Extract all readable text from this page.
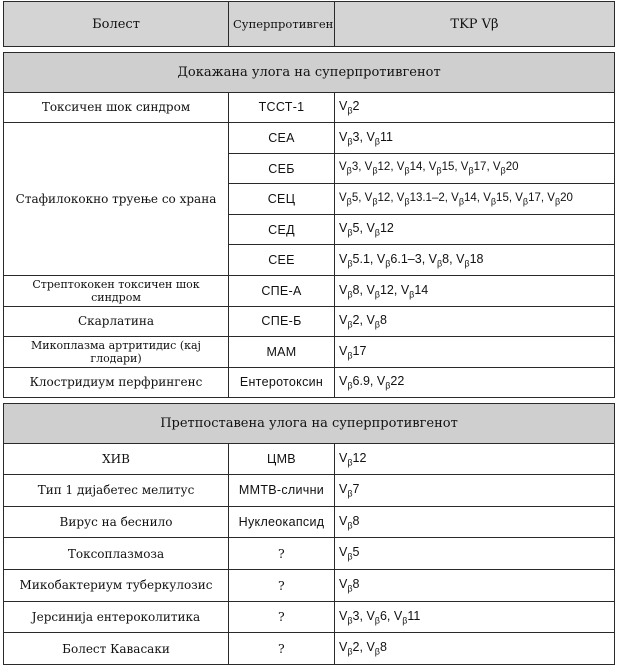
Болест	Суперпротивген	TKP Vβ

Докажана улога на суперпротивгенот		
Токсичен шок синдром	ТССТ-1	$V_\beta 2$
Стафилококно труење со храна	СЕА	$V_\beta 3$, $V_\beta 11$
	СЕБ	$V_\beta 3$, $V_\beta 12$, $V_\beta 14$, $V_\beta 15$, $V_\beta 17$, $V_\beta 20$
	СЕЦ	$V_\beta 5$, $V_\beta 12$, $V_\beta 13.1-2$, $V_\beta 14$, $V_\beta 15$, $V_\beta 17$, $V_\beta 20$
	СЕД	$V_\beta 5$, $V_\beta 12$
	СЕЕ	$V_\beta 5.1$, $V_\beta 6.1-3$, $V_\beta 8$, $V_\beta 18$
Стрептококен токсичен шок синдром	СПЕ-А	$V_\beta 8$, $V_\beta 12$, $V_\beta 14$
Скарлатина	СПЕ-Б	$V_\beta 2$, $V_\beta 8$
Микоплазма артритидис (кај глодари)	МАМ	$V_\beta 17$
Клостридиум перфрингенс	Ентеротоксин	$V_\beta 6.9$, $V_\beta 22$

Претпоставена улога на суперпротивгенот		
ХИВ	ЦМВ	$V_\beta 12$
Тип 1 дијабетес мелитус	ММТВ-слични	$V_\beta 7$
Вирус на беснило	Нуклеокапсид	$V_\beta 8$
Токсоплазмоза	?	$V_\beta 5$
Микобактериум туберкулозис	?	$V_\beta 8$
Јерсинија ентероколитика	?	$V_\beta 3$, $V_\beta 6$, $V_\beta 11$
Болест Кавасаки	?	$V_\beta 2$, $V_\beta 8$
